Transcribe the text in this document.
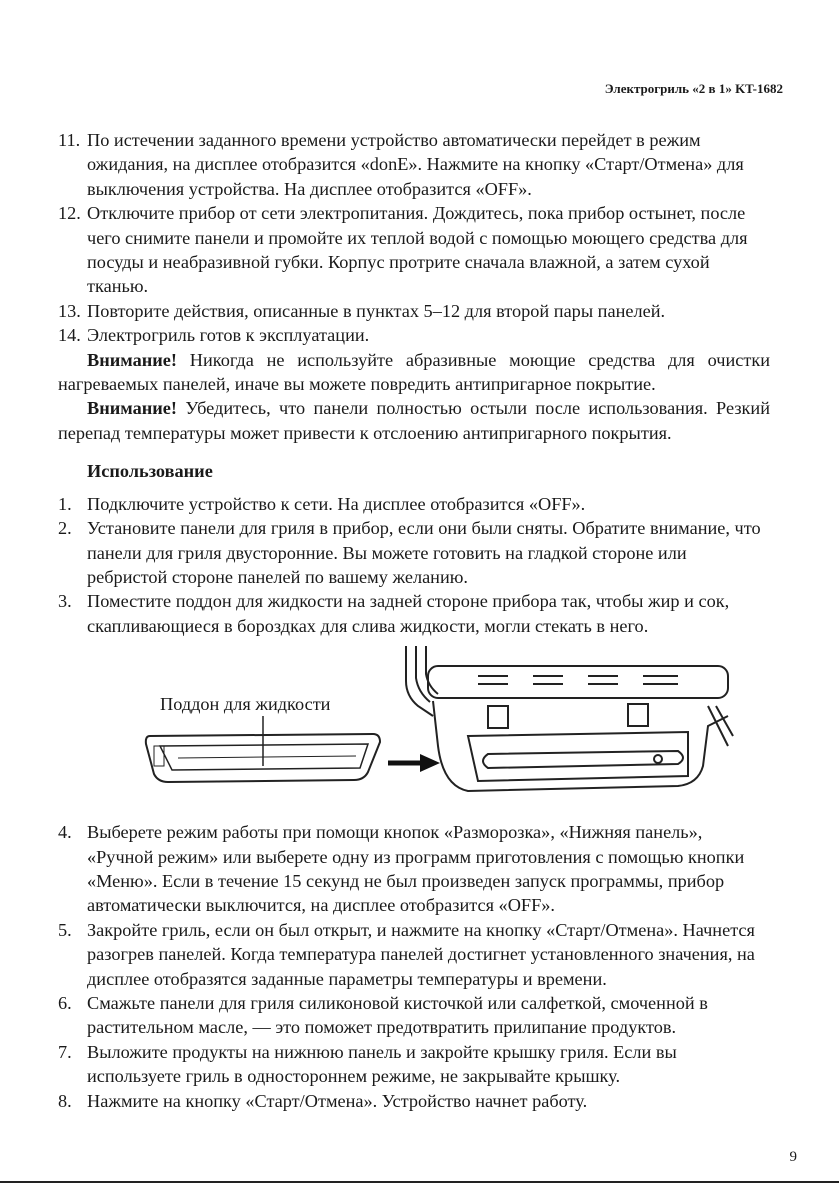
Электрогриль «2 в 1» KT-1682
11. По истечении заданного времени устройство автоматически перейдет в режим ожидания, на дисплее отобразится «donE». Нажмите на кнопку «Старт/Отмена» для выключения устройства. На дисплее отобразится «OFF».
12. Отключите прибор от сети электропитания. Дождитесь, пока прибор остынет, после чего снимите панели и промойте их теплой водой с помощью моющего средства для посуды и неабразивной губки. Корпус протрите сначала влажной, а затем сухой тканью.
13. Повторите действия, описанные в пунктах 5–12 для второй пары панелей.
14. Электрогриль готов к эксплуатации.

Внимание! Никогда не используйте абразивные моющие средства для очистки нагреваемых панелей, иначе вы можете повредить антипригарное покрытие.

Внимание! Убедитесь, что панели полностью остыли после использования. Резкий перепад температуры может привести к отслоению антипригарного покрытия.

Использование
1. Подключите устройство к сети. На дисплее отобразится «OFF».
2. Установите панели для гриля в прибор, если они были сняты. Обратите внимание, что панели для гриля двусторонние. Вы можете готовить на гладкой стороне или ребристой стороне панелей по вашему желанию.
3. Поместите поддон для жидкости на задней стороне прибора так, чтобы жир и сок, скапливающиеся в бороздках для слива жидкости, могли стекать в него.
Поддон для жидкости
4. Выберете режим работы при помощи кнопок «Разморозка», «Нижняя панель», «Ручной режим» или выберете одну из программ приготовления с помощью кнопки «Меню». Если в течение 15 секунд не был произведен запуск программы, прибор автоматически выключится, на дисплее отобразится «OFF».
5. Закройте гриль, если он был открыт, и нажмите на кнопку «Старт/Отмена». Начнется разогрев панелей. Когда температура панелей достигнет установленного значения, на дисплее отобразятся заданные параметры температуры и времени.
6. Смажьте панели для гриля силиконовой кисточкой или салфеткой, смоченной в растительном масле, — это поможет предотвратить прилипание продуктов.
7. Выложите продукты на нижнюю панель и закройте крышку гриля. Если вы используете гриль в одностороннем режиме, не закрывайте крышку.
8. Нажмите на кнопку «Старт/Отмена». Устройство начнет работу.
9
